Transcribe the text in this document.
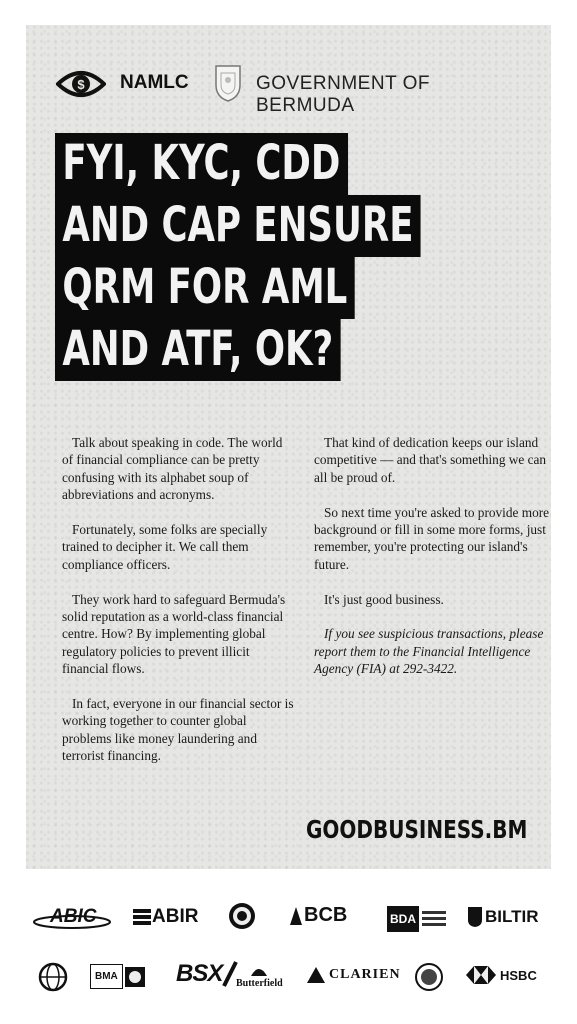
$ NAMLC	GOVERNMENT OF BERMUDA
FYI, KYC, CDD
AND CAP ENSURE
QRM FOR AML
AND ATF, OK?

Talk about speaking in code. The world of financial compliance can be pretty confusing with its alphabet soup of abbreviations and acronyms.

Fortunately, some folks are specially trained to decipher it. We call them compliance officers.

They work hard to safeguard Bermuda's solid reputation as a world-class financial centre. How? By implementing global regulatory policies to prevent illicit financial flows.

In fact, everyone in our financial sector is working together to counter global problems like money laundering and terrorist financing.

That kind of dedication keeps our island competitive — and that's something we can all be proud of.

So next time you're asked to provide more background or fill in some more forms, just remember, you're protecting our island's future.

It's just good business.

If you see suspicious transactions, please report them to the Financial Intelligence Agency (FIA) at 292-3422.

GOODBUSINESS.BM
ABIC	ABIR	BCB	BDA	BILTIR
BMA BSX Butterfield
CLARIEN	HSBC
